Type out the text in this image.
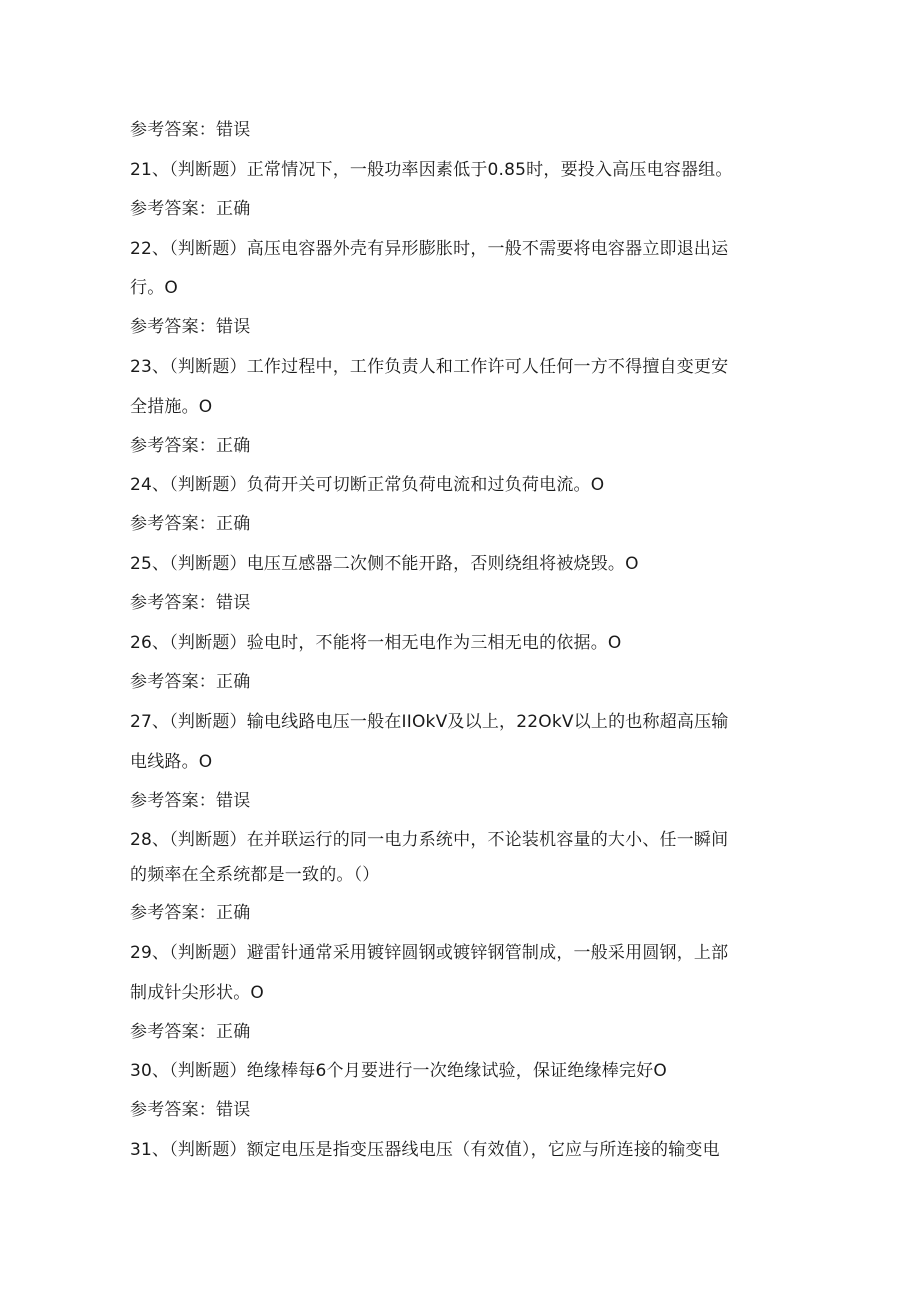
参考答案：错误
21、（判断题）正常情况下，一般功率因素低于0.85时，要投入高压电容器组。
参考答案：正确
22、（判断题）高压电容器外壳有异形膨胀时，一般不需要将电容器立即退出运
行。O
参考答案：错误
23、（判断题）工作过程中，工作负责人和工作许可人任何一方不得擅自变更安
全措施。O
参考答案：正确
24、（判断题）负荷开关可切断正常负荷电流和过负荷电流。O
参考答案：正确
25、（判断题）电压互感器二次侧不能开路，否则绕组将被烧毁。O
参考答案：错误
26、（判断题）验电时，不能将一相无电作为三相无电的依据。O
参考答案：正确
27、（判断题）输电线路电压一般在IIOkV及以上，22OkV以上的也称超高压输
电线路。O
参考答案：错误
28、（判断题）在并联运行的同一电力系统中，不论装机容量的大小、任一瞬间
的频率在全系统都是一致的。（）
参考答案：正确
29、（判断题）避雷针通常采用镀锌圆钢或镀锌钢管制成，一般采用圆钢，上部
制成针尖形状。O
参考答案：正确
30、（判断题）绝缘棒每6个月要进行一次绝缘试验，保证绝缘棒完好O
参考答案：错误
31、（判断题）额定电压是指变压器线电压（有效值），它应与所连接的输变电
